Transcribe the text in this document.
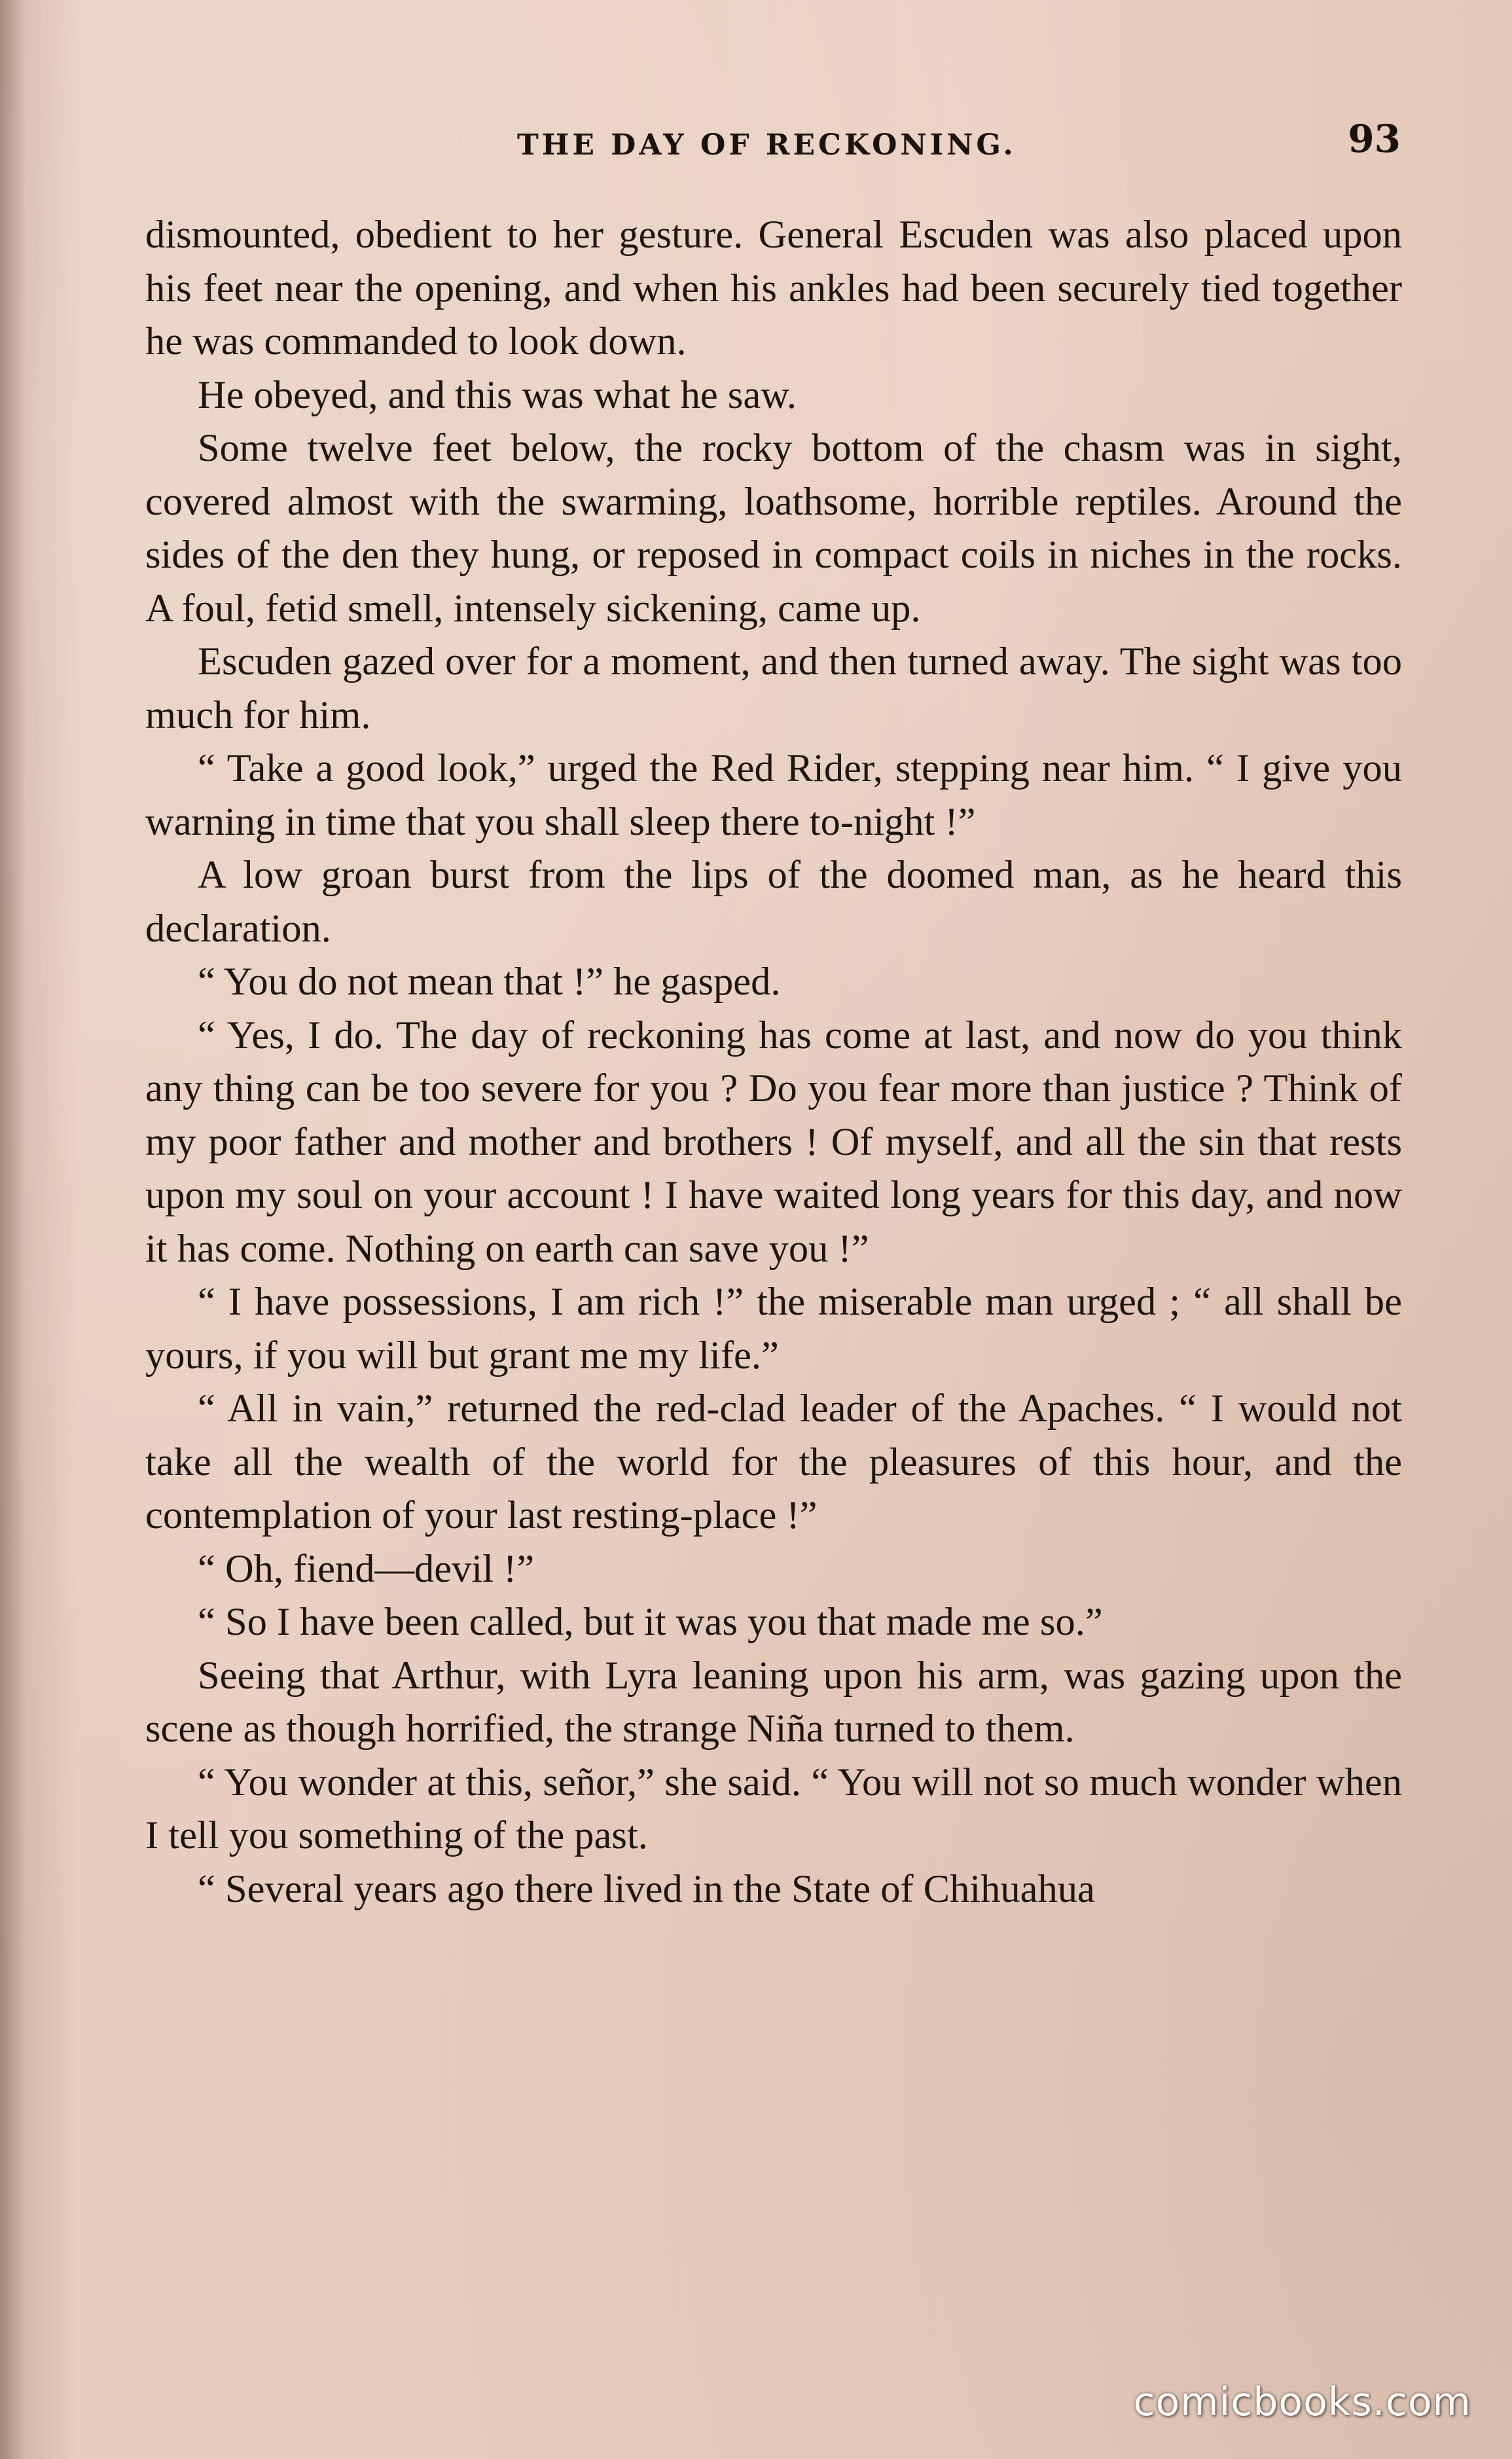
THE DAY OF RECKONING.	93

dismounted, obedient to her gesture. General Escuden was also placed upon his feet near the opening, and when his ankles had been securely tied together he was commanded to look down.

He obeyed, and this was what he saw.

Some twelve feet below, the rocky bottom of the chasm was in sight, covered almost with the swarming, loathsome, horrible reptiles. Around the sides of the den they hung, or reposed in compact coils in niches in the rocks. A foul, fetid smell, intensely sickening, came up.

Escuden gazed over for a moment, and then turned away. The sight was too much for him.

“ Take a good look,” urged the Red Rider, stepping near him. “ I give you warning in time that you shall sleep there to-night !”

A low groan burst from the lips of the doomed man, as he heard this declaration.

“ You do not mean that !” he gasped.

“ Yes, I do. The day of reckoning has come at last, and now do you think any thing can be too severe for you ? Do you fear more than justice ? Think of my poor father and mother and brothers ! Of myself, and all the sin that rests upon my soul on your account ! I have waited long years for this day, and now it has come. Nothing on earth can save you !”

“ I have possessions, I am rich !” the miserable man urged ; “ all shall be yours, if you will but grant me my life.”

“ All in vain,” returned the red-clad leader of the Apaches. “ I would not take all the wealth of the world for the pleasures of this hour, and the contemplation of your last resting-place !”

“ Oh, fiend—devil !”

“ So I have been called, but it was you that made me so.”

Seeing that Arthur, with Lyra leaning upon his arm, was gazing upon the scene as though horrified, the strange Niña turned to them.

“ You wonder at this, señor,” she said. “ You will not so much wonder when I tell you something of the past.

“ Several years ago there lived in the State of Chihuahua

comicbooks.com
